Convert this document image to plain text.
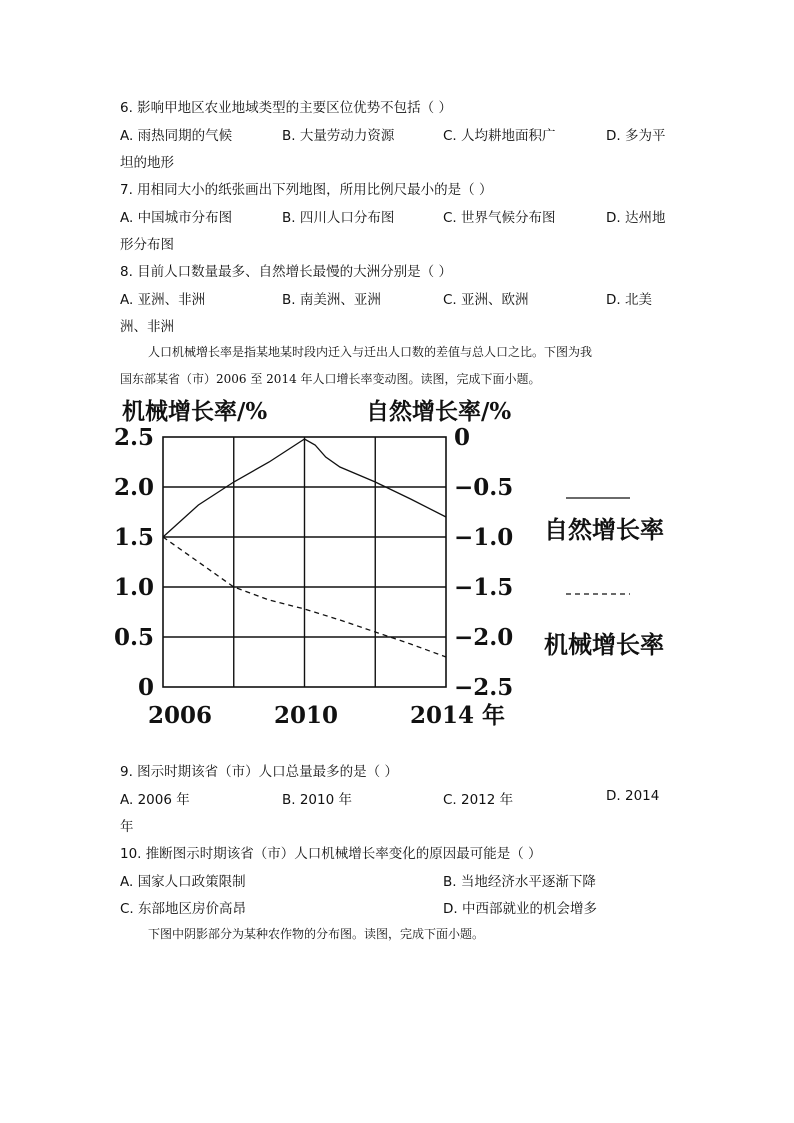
6. 影响甲地区农业地域类型的主要区位优势不包括（ ）
A. 雨热同期的气候	B. 大量劳动力资源	C. 人均耕地面积广	D. 多为平
坦的地形
7. 用相同大小的纸张画出下列地图，所用比例尺最小的是（ ）
A. 中国城市分布图	B. 四川人口分布图	C. 世界气候分布图	D. 达州地
形分布图
8. 目前人口数量最多、自然增长最慢的大洲分别是（ ）
A. 亚洲、非洲	B. 南美洲、亚洲	C. 亚洲、欧洲	D. 北美
洲、非洲
人口机械增长率是指某地某时段内迁入与迁出人口数的差值与总人口之比。下图为我
国东部某省（市）2006 至 2014 年人口增长率变动图。读图，完成下面小题。
机械增长率/%	自然增长率/%
2.5
2.0
1.5
1.0
0.5
0
0
−0.5
−1.0
−1.5
−2.0
−2.5
2006	2010	2014 年
自然增长率
机械增长率
9. 图示时期该省（市）人口总量最多的是（ ）
A. 2006 年	B. 2010 年	C. 2012 年	D. 2014
年
10. 推断图示时期该省（市）人口机械增长率变化的原因最可能是（ ）
A. 国家人口政策限制	B. 当地经济水平逐渐下降
C. 东部地区房价高昂	D. 中西部就业的机会增多
下图中阴影部分为某种农作物的分布图。读图，完成下面小题。
